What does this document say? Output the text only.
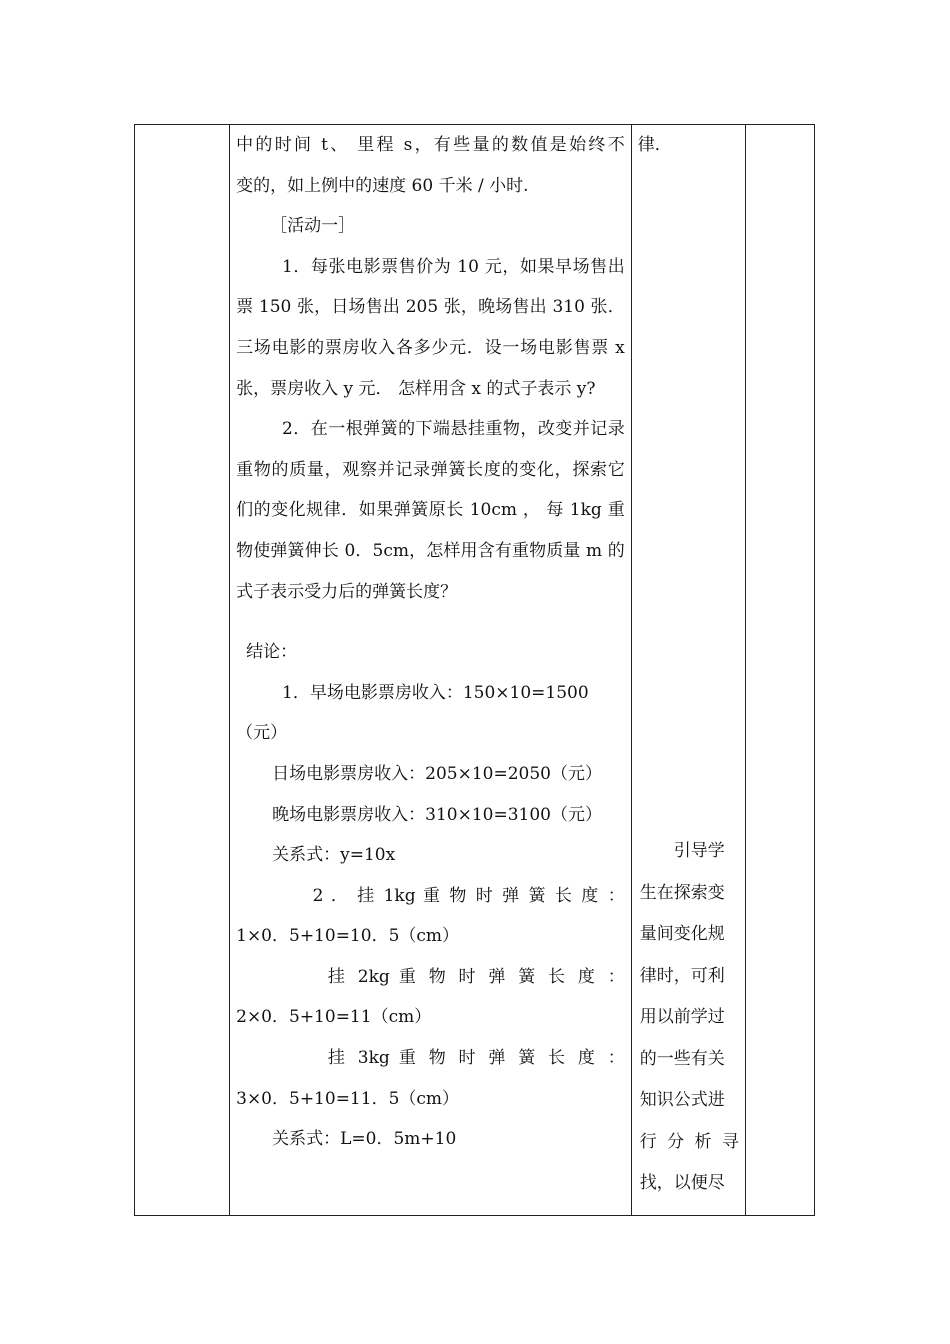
中的时间 t、 里程 s，有些量的数值是始终不

变的，如上例中的速度 60 千米 / 小时.

［活动一］

1．每张电影票售价为 10 元，如果早场售出票 150 张，日场售出 205 张，晚场售出 310 张．三场电影的票房收入各多少元．设一场电影售票 x 张，票房收入 y 元． 怎样用含 x 的式子表示 y?

2．在一根弹簧的下端悬挂重物，改变并记录重物的质量，观察并记录弹簧长度的变化，探索它们的变化规律．如果弹簧原长 10cm ， 每 1kg 重物使弹簧伸长 0．5cm，怎样用含有重物质量 m 的式子表示受力后的弹簧长度？

结论：

1．早场电影票房收入：150×10=1500（元）

日场电影票房收入：205×10=2050（元）

晚场电影票房收入：310×10=3100（元）

关系式：y=10x

2 ． 挂 1kg 重 物 时 弹 簧 长 度 ：

1×0．5+10=10．5（cm）

挂 2kg 重 物 时 弹 簧 长 度 ：

2×0．5+10=11（cm）

挂 3kg 重 物 时 弹 簧 长 度 ：

3×0．5+10=11．5（cm）

关系式：L=0．5m+10

律．

引导学

生在探索变

量间变化规

律时，可利

用以前学过

的一些有关

知识公式进

行 分 析 寻

找，以便尽
